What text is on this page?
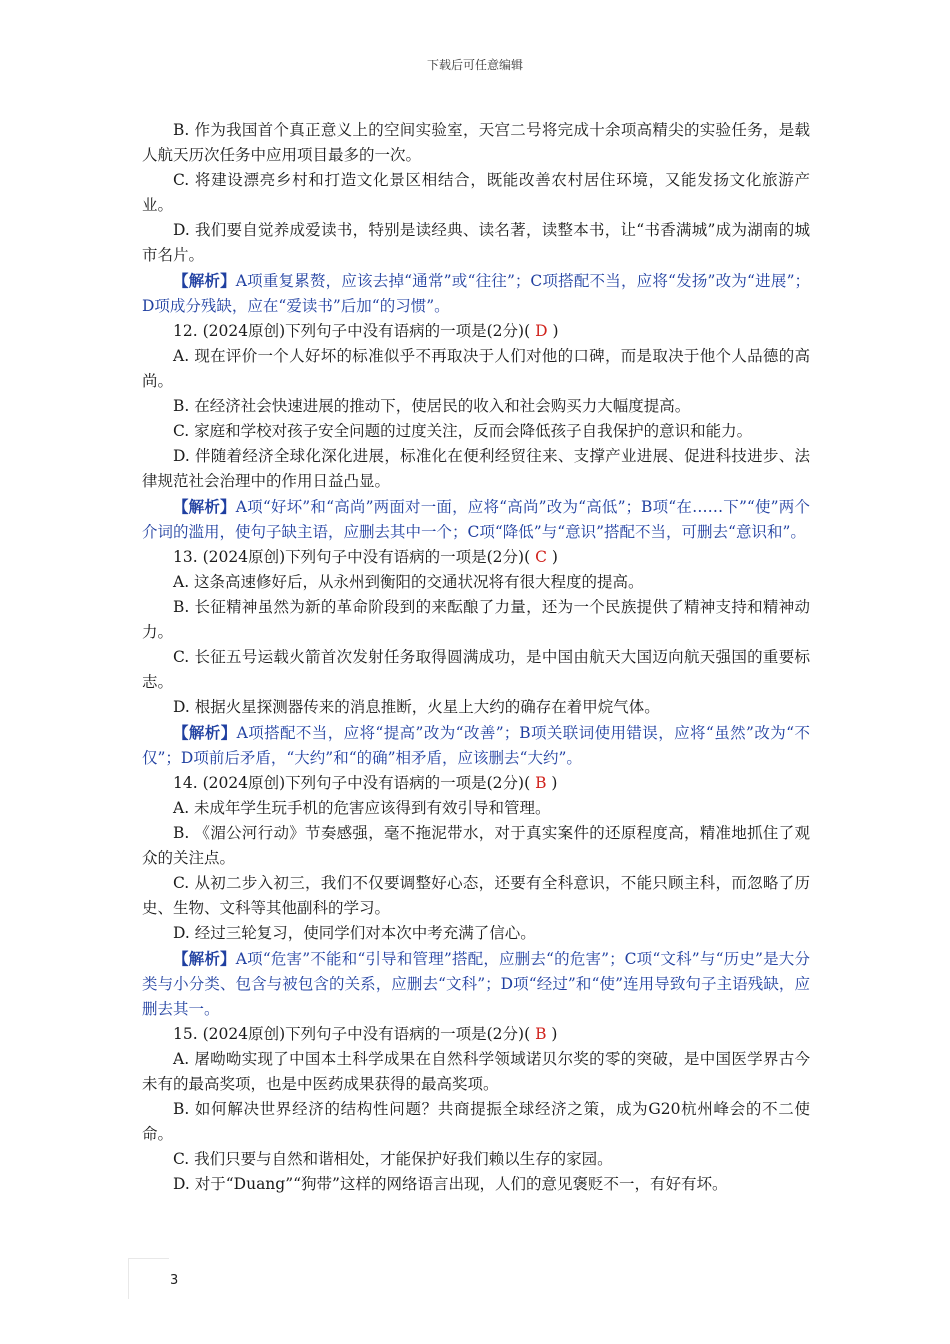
下载后可任意编辑

B. 作为我国首个真正意义上的空间实验室，天宫二号将完成十余项高精尖的实验任务，是载人航天历次任务中应用项目最多的一次。

C. 将建设漂亮乡村和打造文化景区相结合，既能改善农村居住环境，又能发扬文化旅游产业。

D. 我们要自觉养成爱读书，特别是读经典、读名著，读整本书，让“书香满城”成为湖南的城市名片。

【解析】A项重复累赘，应该去掉“通常”或“往往”；C项搭配不当，应将“发扬”改为“进展”；D项成分残缺，应在“爱读书”后加“的习惯”。

12. (2024原创)下列句子中没有语病的一项是(2分)( D )

A. 现在评价一个人好坏的标准似乎不再取决于人们对他的口碑，而是取决于他个人品德的高尚。

B. 在经济社会快速进展的推动下，使居民的收入和社会购买力大幅度提高。

C. 家庭和学校对孩子安全问题的过度关注，反而会降低孩子自我保护的意识和能力。

D. 伴随着经济全球化深化进展，标准化在便利经贸往来、支撑产业进展、促进科技进步、法律规范社会治理中的作用日益凸显。

【解析】A项“好坏”和“高尚”两面对一面，应将“高尚”改为“高低”；B项“在……下”“使”两个介词的滥用，使句子缺主语，应删去其中一个；C项“降低”与“意识”搭配不当，可删去“意识和”。

13. (2024原创)下列句子中没有语病的一项是(2分)( C )

A. 这条高速修好后，从永州到衡阳的交通状况将有很大程度的提高。

B. 长征精神虽然为新的革命阶段到的来酝酿了力量，还为一个民族提供了精神支持和精神动力。

C. 长征五号运载火箭首次发射任务取得圆满成功，是中国由航天大国迈向航天强国的重要标志。

D. 根据火星探测器传来的消息推断，火星上大约的确存在着甲烷气体。

【解析】A项搭配不当，应将“提高”改为“改善”；B项关联词使用错误，应将“虽然”改为“不仅”；D项前后矛盾，“大约”和“的确”相矛盾，应该删去“大约”。

14. (2024原创)下列句子中没有语病的一项是(2分)( B )

A. 未成年学生玩手机的危害应该得到有效引导和管理。

B. 《湄公河行动》节奏感强，毫不拖泥带水，对于真实案件的还原程度高，精准地抓住了观众的关注点。

C. 从初二步入初三，我们不仅要调整好心态，还要有全科意识，不能只顾主科，而忽略了历史、生物、文科等其他副科的学习。

D. 经过三轮复习，使同学们对本次中考充满了信心。

【解析】A项“危害”不能和“引导和管理”搭配，应删去“的危害”；C项“文科”与“历史”是大分类与小分类、包含与被包含的关系，应删去“文科”；D项“经过”和“使”连用导致句子主语残缺，应删去其一。

15. (2024原创)下列句子中没有语病的一项是(2分)( B )

A. 屠呦呦实现了中国本土科学成果在自然科学领域诺贝尔奖的零的突破，是中国医学界古今未有的最高奖项，也是中医药成果获得的最高奖项。

B. 如何解决世界经济的结构性问题？共商提振全球经济之策，成为G20杭州峰会的不二使命。

C. 我们只要与自然和谐相处，才能保护好我们赖以生存的家园。

D. 对于“Duang”“狗带”这样的网络语言出现，人们的意见褒贬不一，有好有坏。

3
